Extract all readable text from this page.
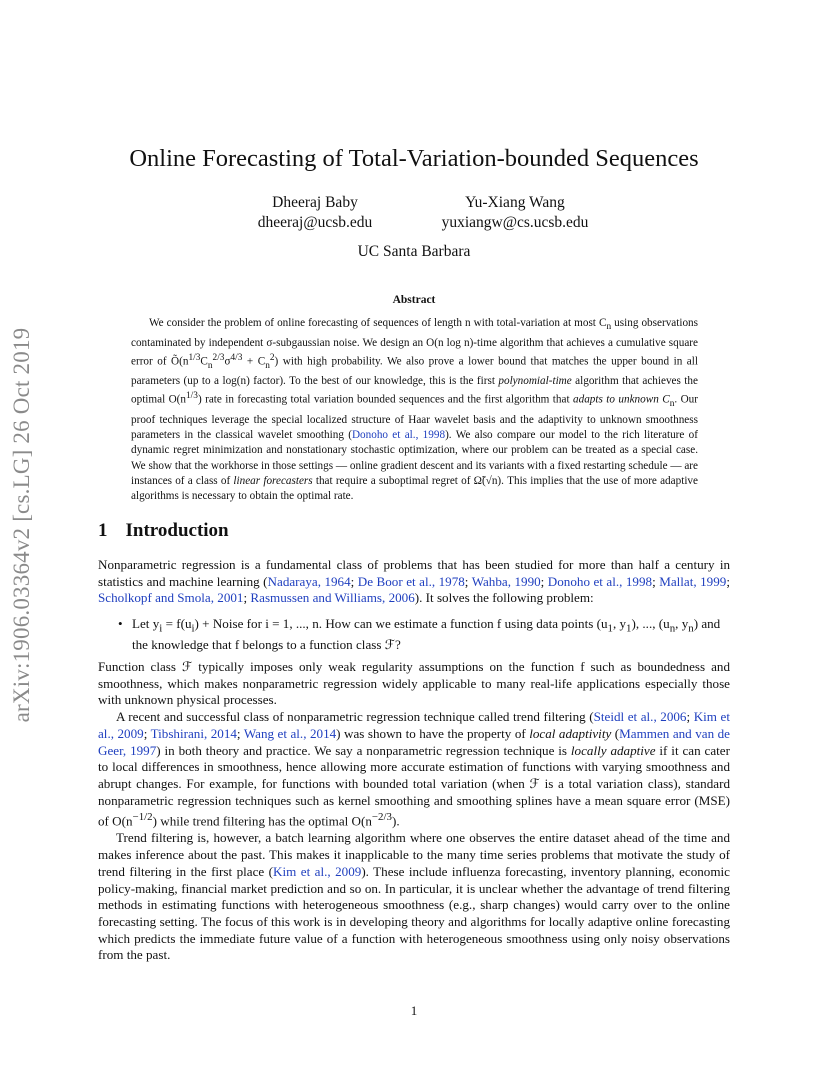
arXiv:1906.03364v2 [cs.LG] 26 Oct 2019
Online Forecasting of Total-Variation-bounded Sequences
Dheeraj Baby
dheeraj@ucsb.edu
Yu-Xiang Wang
yuxiangw@cs.ucsb.edu
UC Santa Barbara
Abstract

We consider the problem of online forecasting of sequences of length n with total-variation at most $C_n$ using observations contaminated by independent σ-subgaussian noise. We design an O(n log n)-time algorithm that achieves a cumulative square error of $Õ(n^{1/3}C_n^{2/3}\sigma^{4/3} + C_n^2)$ with high probability. We also prove a lower bound that matches the upper bound in all parameters (up to a log(n) factor). To the best of our knowledge, this is the first polynomial-time algorithm that achieves the optimal $O(n^{1/3})$ rate in forecasting total variation bounded sequences and the first algorithm that adapts to unknown $C_n$. Our proof techniques leverage the special localized structure of Haar wavelet basis and the adaptivity to unknown smoothness parameters in the classical wavelet smoothing (Donoho et al., 1998). We also compare our model to the rich literature of dynamic regret minimization and nonstationary stochastic optimization, where our problem can be treated as a special case. We show that the workhorse in those settings — online gradient descent and its variants with a fixed restarting schedule — are instances of a class of linear forecasters that require a suboptimal regret of Ω̃(√n). This implies that the use of more adaptive algorithms is necessary to obtain the optimal rate.

1 Introduction

Nonparametric regression is a fundamental class of problems that has been studied for more than half a century in statistics and machine learning (Nadaraya, 1964; De Boor et al., 1978; Wahba, 1990; Donoho et al., 1998; Mallat, 1999; Scholkopf and Smola, 2001; Rasmussen and Williams, 2006). It solves the following problem:

• Let $y_i = f(u_i)$ + Noise for i = 1, ..., n. How can we estimate a function f using data points ($u_1$, $y_1$), ..., ($u_n$, $y_n$) and the knowledge that f belongs to a function class ℱ?

Function class ℱ typically imposes only weak regularity assumptions on the function f such as boundedness and smoothness, which makes nonparametric regression widely applicable to many real-life applications especially those with unknown physical processes.

A recent and successful class of nonparametric regression technique called trend filtering (Steidl et al., 2006; Kim et al., 2009; Tibshirani, 2014; Wang et al., 2014) was shown to have the property of local adaptivity (Mammen and van de Geer, 1997) in both theory and practice. We say a nonparametric regression technique is locally adaptive if it can cater to local differences in smoothness, hence allowing more accurate estimation of functions with varying smoothness and abrupt changes. For example, for functions with bounded total variation (when ℱ is a total variation class), standard nonparametric regression techniques such as kernel smoothing and smoothing splines have a mean square error (MSE) of $O(n^{-1/2})$ while trend filtering has the optimal $O(n^{-2/3})$.

Trend filtering is, however, a batch learning algorithm where one observes the entire dataset ahead of the time and makes inference about the past. This makes it inapplicable to the many time series problems that motivate the study of trend filtering in the first place (Kim et al., 2009). These include influenza forecasting, inventory planning, economic policy-making, financial market prediction and so on. In particular, it is unclear whether the advantage of trend filtering methods in estimating functions with heterogeneous smoothness (e.g., sharp changes) would carry over to the online forecasting setting. The focus of this work is in developing theory and algorithms for locally adaptive online forecasting which predicts the immediate future value of a function with heterogeneous smoothness using only noisy observations from the past.

1
